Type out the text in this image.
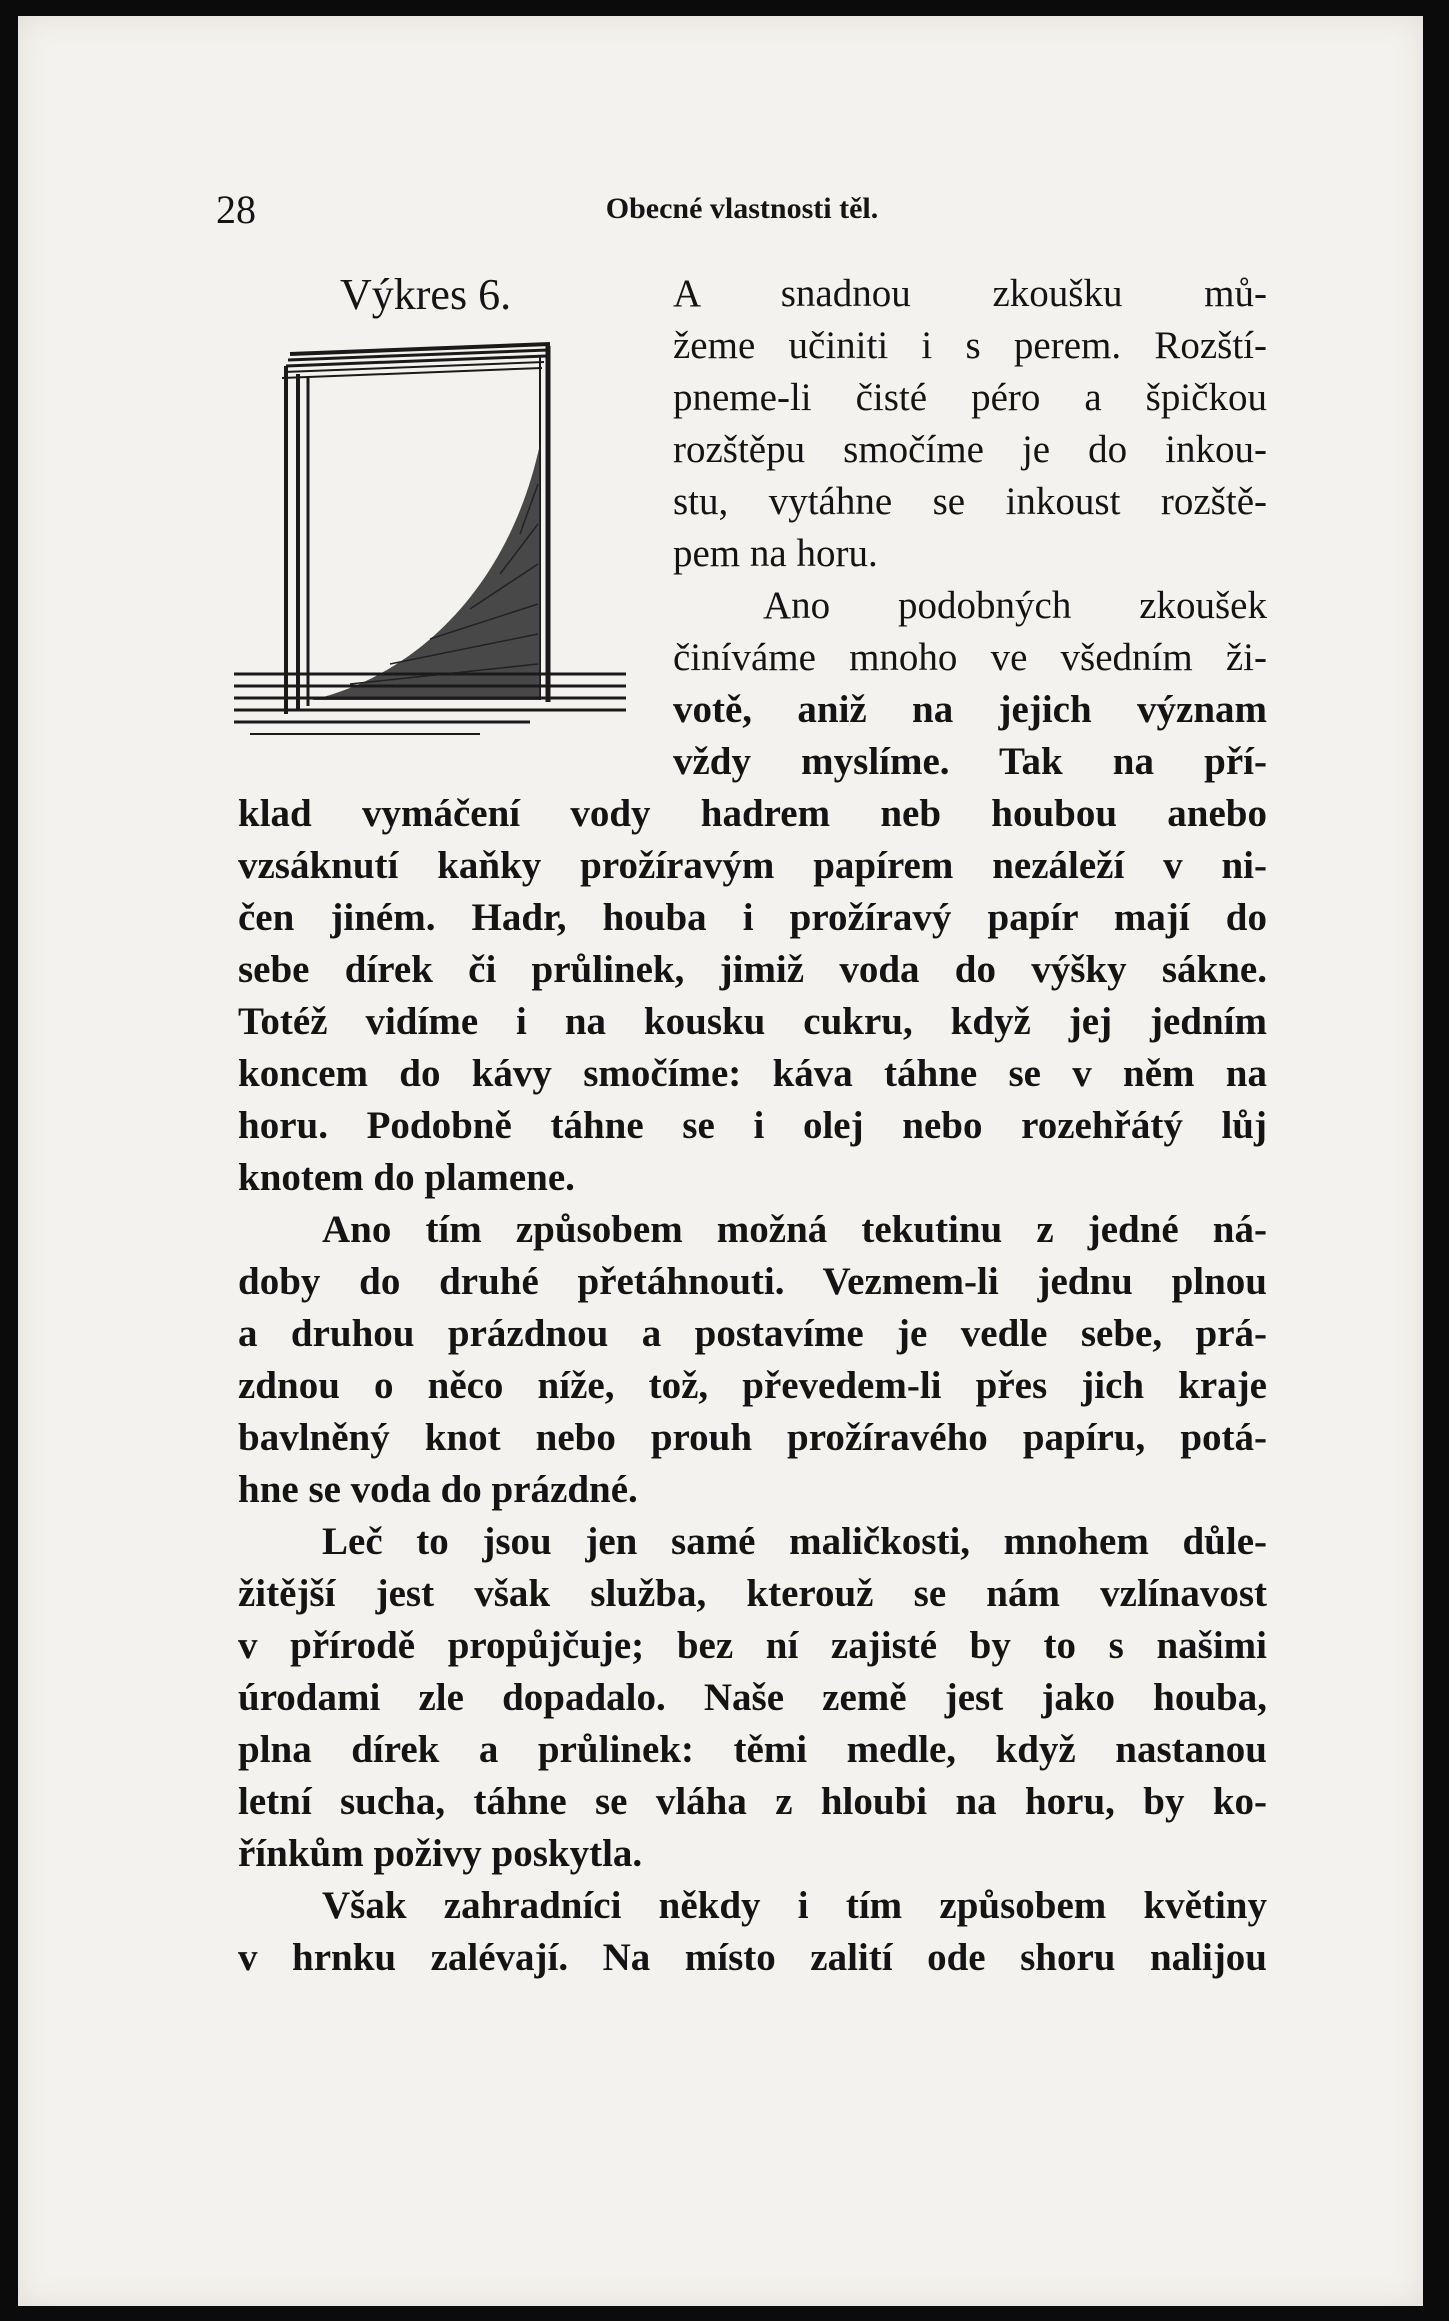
28	Obecné vlastnosti těl.
Výkres 6.	A snadnou zkoušku mů-
žeme učiniti i s perem. Rozští-
pneme-li čisté péro a špičkou
rozštěpu smočíme je do inkou-
stu, vytáhne se inkoust rozště-
pem na horu.
Ano podobných zkoušek
činíváme mnoho ve všedním ži-
votě, aniž na jejich význam
vždy myslíme. Tak na pří-
klad vymáčení vody hadrem neb houbou anebo
vzsáknutí kaňky prožíravým papírem nezáleží v ni-
čen jiném. Hadr, houba i prožíravý papír mají do
sebe dírek či průlinek, jimiž voda do výšky sákne.
Totéž vidíme i na kousku cukru, když jej jedním
koncem do kávy smočíme: káva táhne se v něm na
horu. Podobně táhne se i olej nebo rozehřátý lůj
knotem do plamene.
Ano tím způsobem možná tekutinu z jedné ná-
doby do druhé přetáhnouti. Vezmem-li jednu plnou
a druhou prázdnou a postavíme je vedle sebe, prá-
zdnou o něco níže, tož, převedem-li přes jich kraje
bavlněný knot nebo prouh prožíravého papíru, potá-
hne se voda do prázdné.
Leč to jsou jen samé maličkosti, mnohem důle-
žitější jest však služba, kterouž se nám vzlínavost
v přírodě propůjčuje; bez ní zajisté by to s našimi
úrodami zle dopadalo. Naše země jest jako houba,
plna dírek a průlinek: těmi medle, když nastanou
letní sucha, táhne se vláha z hloubi na horu, by ko-
řínkům poživy poskytla.
Však zahradníci někdy i tím způsobem květiny
v hrnku zalévají. Na místo zalití ode shoru nalijou
